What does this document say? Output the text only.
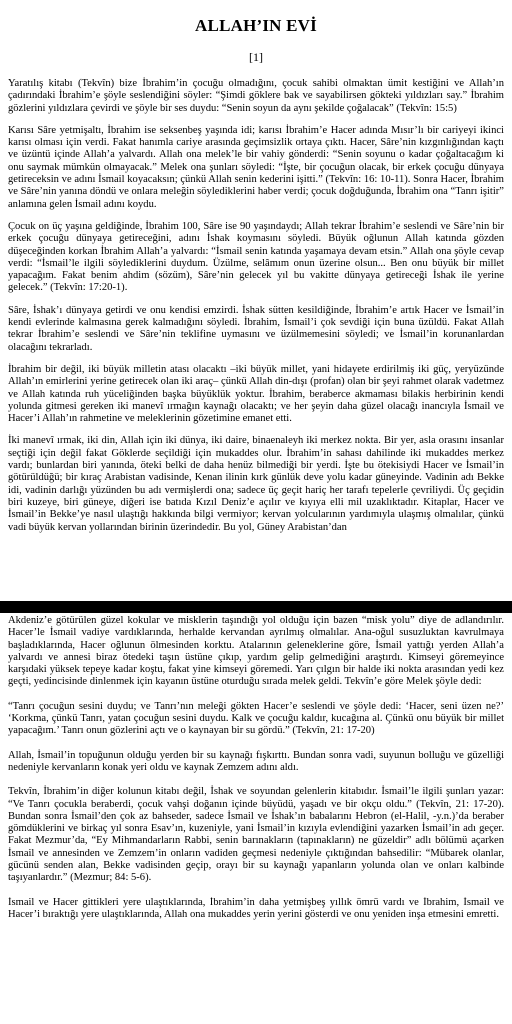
ALLAH’IN EVİ
[1]

Yaratılış kitabı (Tekvîn) bize İbrahim’in çocuğu olmadığını, çocuk sahibi olmaktan ümit kestiğini ve Allah’ın çadırındaki İbrahim’e şöyle seslendiğini söyler: “Şimdi göklere bak ve sayabilirsen gökteki yıldızları say.” İbrahim gözlerini yıldızlara çevirdi ve şöyle bir ses duydu: “Senin soyun da aynı şekilde çoğalacak” (Tekvîn: 15:5)

Karısı Sâre yetmişaltı, İbrahim ise seksenbeş yaşında idi; karısı İbrahim’e Hacer adında Mısır’lı bir cariyeyi ikinci karısı olması için verdi. Fakat hanımla cariye arasında geçimsizlik ortaya çıktı. Hacer, Sâre’nin kızgınlığından kaçtı ve üzüntü içinde Allah’a yalvardı. Allah ona melek’le bir vahiy gönderdi: “Senin soyunu o kadar çoğaltacağım ki onu saymak mümkün olmayacak.” Melek ona şunları söyledi: “İşte, bir çocuğun olacak, bir erkek çocuğu dünyaya getireceksin ve adını İsmail koyacaksın; çünkü Allah senin kederini işitti.” (Tekvîn: 16: 10-11). Sonra Hacer, İbrahim ve Sâre’nin yanına döndü ve onlara meleğin söylediklerini haber verdi; çocuk doğduğunda, İbrahim ona “Tanrı işitir” anlamına gelen İsmail adını koydu.

Çocuk on üç yaşına geldiğinde, İbrahim 100, Sâre ise 90 yaşındaydı; Allah tekrar İbrahim’e seslendi ve Sâre’nin bir erkek çocuğu dünyaya getireceğini, adını İshak koymasını söyledi. Büyük oğlunun Allah katında gözden düşeceğinden korkan İbrahim Allah’a yalvardı: “İsmail senin katında yaşamaya devam etsin.” Allah ona şöyle cevap verdi: “İsmail’le ilgili söylediklerini duydum. Üzülme, selâmım onun üzerine olsun... Ben onu büyük bir millet yapacağım. Fakat benim ahdim (sözüm), Sâre’nin gelecek yıl bu vakitte dünyaya getireceği İshak ile yerine gelecek.” (Tekvîn: 17:20-1).

Sâre, İshak’ı dünyaya getirdi ve onu kendisi emzirdi. İshak sütten kesildiğinde, İbrahim’e artık Hacer ve İsmail’in kendi evlerinde kalmasına gerek kalmadığını söyledi. İbrahim, İsmail’i çok sevdiği için buna üzüldü. Fakat Allah tekrar İbrahim’e seslendi ve Sâre’nin teklifine uymasını ve üzülmemesini söyledi; ve İsmail’in korunanlardan olacağını tekrarladı.

İbrahim bir değil, iki büyük milletin atası olacaktı –iki büyük millet, yani hidayete erdirilmiş iki güç, yeryüzünde Allah’ın emirlerini yerine getirecek olan iki araç– çünkü Allah din-dışı (profan) olan bir şeyi rahmet olarak vadetmez ve Allah katında ruh yüceliğinden başka büyüklük yoktur. İbrahim, beraberce akmaması bilakis herbirinin kendi yolunda gitmesi gereken iki manevî ırmağın kaynağı olacaktı; ve her şeyin daha güzel olacağı inancıyla İsmail ve Hacer’i Allah’ın rahmetine ve meleklerinin gözetimine emanet etti.

İki manevî ırmak, iki din, Allah için iki dünya, iki daire, binaenaleyh iki merkez nokta. Bir yer, asla orasını insanlar seçtiği için değil fakat Göklerde seçildiği için mukaddes olur. İbrahim’in sahası dahilinde iki mukaddes merkez vardı; bunlardan biri yanında, öteki belki de daha henüz bilmediği bir yerdi. İşte bu ötekisiydi Hacer ve İsmail’in götürüldüğü; bir kıraç Arabistan vadisinde, Kenan ilinin kırk günlük deve yolu kadar güneyinde. Vadinin adı Bekke idi, vadinin darlığı yüzünden bu adı vermişlerdi ona; sadece üç geçit hariç her tarafı tepelerle çevriliydi. Üç geçidin biri kuzeye, biri güneye, diğeri ise batıda Kızıl Deniz’e açılır ve kıyıya elli mil uzaklıktadır. Kitaplar, Hacer ve İsmail’in Bekke’ye nasıl ulaştığı hakkında bilgi vermiyor; kervan yolcularının yardımıyla ulaşmış olmalılar, çünkü vadi büyük kervan yollarından birinin üzerindedir. Bu yol, Güney Arabistan’dan

Akdeniz’e götürülen güzel kokular ve misklerin taşındığı yol olduğu için bazen “misk yolu” diye de adlandırılır. Hacer’le İsmail vadiye vardıklarında, herhalde kervandan ayrılmış olmalılar. Ana-oğul susuzluktan kavrulmaya başladıklarında, Hacer oğlunun ölmesinden korktu. Atalarının geleneklerine göre, İsmail yattığı yerden Allah’a yalvardı ve annesi biraz ötedeki taşın üstüne çıkıp, yardım gelip gelmediğini araştırdı. Kimseyi göremeyince karşıdaki yüksek tepeye kadar koştu, fakat yine kimseyi göremedi. Yarı çılgın bir halde iki nokta arasından yedi kez geçti, yedincisinde dinlenmek için kayanın üstüne oturduğu sırada melek geldi. Tekvîn’e göre Melek şöyle dedi:

“Tanrı çocuğun sesini duydu; ve Tanrı’nın meleği gökten Hacer’e seslendi ve şöyle dedi: ‘Hacer, seni üzen ne?’ ‘Korkma, çünkü Tanrı, yatan çocuğun sesini duydu. Kalk ve çocuğu kaldır, kucağına al. Çünkü onu büyük bir millet yapacağım.’ Tanrı onun gözlerini açtı ve o kaynayan bir su gördü.” (Tekvîn, 21: 17-20)

Allah, İsmail’in topuğunun olduğu yerden bir su kaynağı fışkırttı. Bundan sonra vadi, suyunun bolluğu ve güzelliği nedeniyle kervanların konak yeri oldu ve kaynak Zemzem adını aldı.

Tekvîn, İbrahim’in diğer kolunun kitabı değil, İshak ve soyundan gelenlerin kitabıdır. İsmail’le ilgili şunları yazar: “Ve Tanrı çocukla beraberdi, çocuk vahşi doğanın içinde büyüdü, yaşadı ve bir okçu oldu.” (Tekvîn, 21: 17-20). Bundan sonra İsmail’den çok az bahseder, sadece İsmail ve İshak’ın babalarını Hebron (el-Halil, -y.n.)’da beraber gömdüklerini ve birkaç yıl sonra Esav’ın, kuzeniyle, yani İsmail’in kızıyla evlendiğini yazarken İsmail’in adı geçer. Fakat Mezmur’da, “Ey Mihmandarların Rabbi, senin barınakların (tapınakların) ne güzeldir” adlı bölümü açarken İsmail ve annesinden ve Zemzem’in onların vadiden geçmesi nedeniyle çıktığından bahsedilir: “Mübarek olanlar, gücünü senden alan, Bekke vadisinden geçip, orayı bir su kaynağı yapanların yolunda olan ve onları kalbinde taşıyanlardır.” (Mezmur; 84: 5-6).

İsmail ve Hacer gittikleri yere ulaştıklarında, İbrahim’in daha yetmişbeş yıllık ömrü vardı ve İbrahim, İsmail ve Hacer’i bıraktığı yere ulaştıklarında, Allah ona mukaddes yerin yerini gösterdi ve onu yeniden inşa etmesini emretti.
